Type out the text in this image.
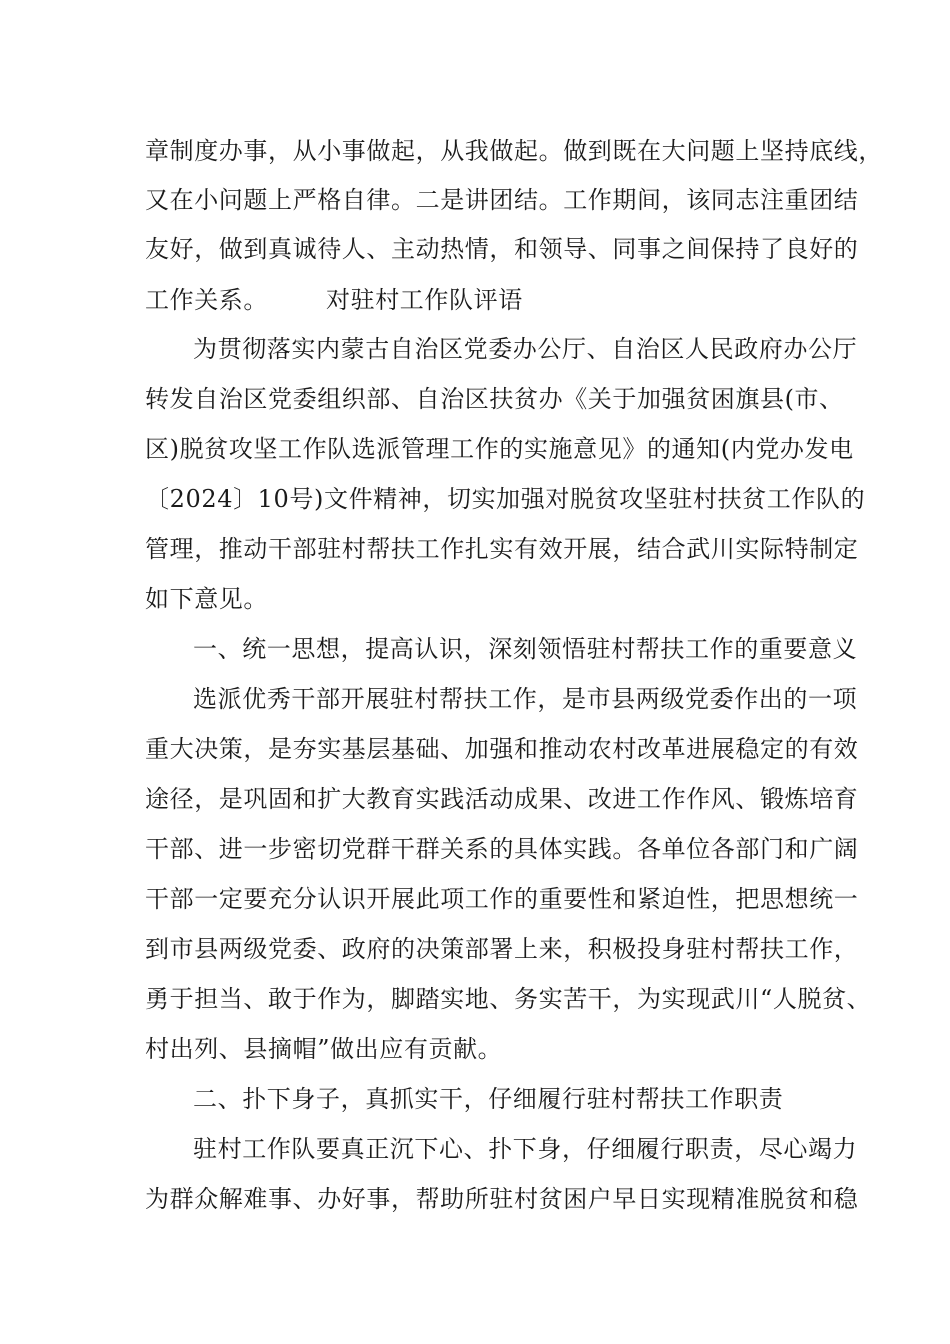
章制度办事，从小事做起，从我做起。做到既在大问题上坚持底线，
又在小问题上严格自律。二是讲团结。工作期间，该同志注重团结
友好，做到真诚待人、主动热情，和领导、同事之间保持了良好的
工作关系。 对驻村工作队评语
为贯彻落实内蒙古自治区党委办公厅、自治区人民政府办公厅
转发自治区党委组织部、自治区扶贫办《关于加强贫困旗县(市、
区)脱贫攻坚工作队选派管理工作的实施意见》的通知(内党办发电
〔2024〕10号)文件精神，切实加强对脱贫攻坚驻村扶贫工作队的
管理，推动干部驻村帮扶工作扎实有效开展，结合武川实际特制定
如下意见。
一、统一思想，提高认识，深刻领悟驻村帮扶工作的重要意义
选派优秀干部开展驻村帮扶工作，是市县两级党委作出的一项
重大决策，是夯实基层基础、加强和推动农村改革进展稳定的有效
途径，是巩固和扩大教育实践活动成果、改进工作作风、锻炼培育
干部、进一步密切党群干群关系的具体实践。各单位各部门和广阔
干部一定要充分认识开展此项工作的重要性和紧迫性，把思想统一
到市县两级党委、政府的决策部署上来，积极投身驻村帮扶工作，
勇于担当、敢于作为，脚踏实地、务实苦干，为实现武川“人脱贫、
村出列、县摘帽”做出应有贡献。
二、扑下身子，真抓实干，仔细履行驻村帮扶工作职责
驻村工作队要真正沉下心、扑下身，仔细履行职责，尽心竭力
为群众解难事、办好事，帮助所驻村贫困户早日实现精准脱贫和稳
